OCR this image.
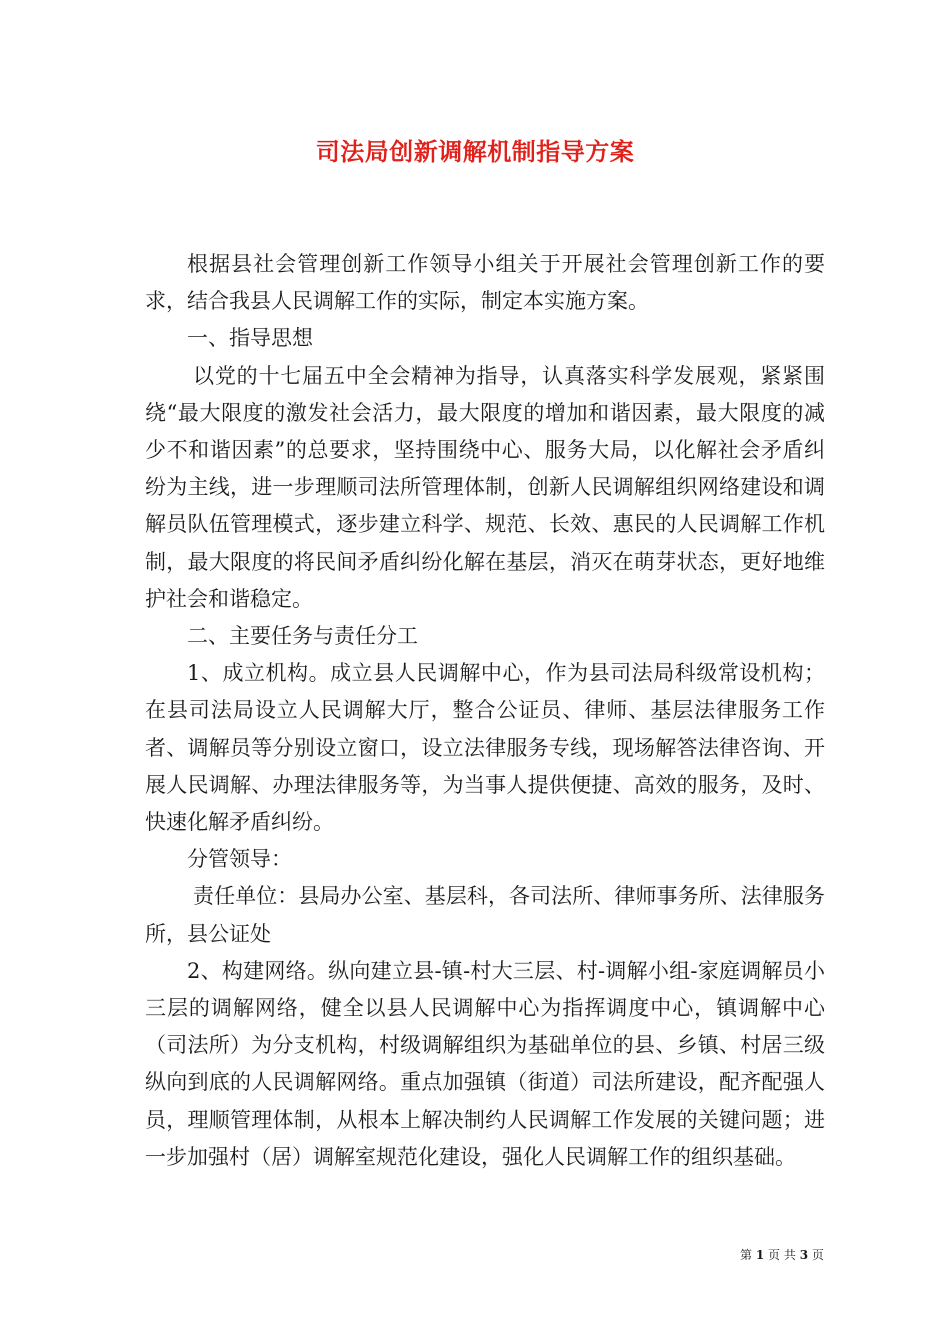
司法局创新调解机制指导方案

根据县社会管理创新工作领导小组关于开展社会管理创新工作的要求，结合我县人民调解工作的实际，制定本实施方案。

一、指导思想

以党的十七届五中全会精神为指导，认真落实科学发展观，紧紧围绕“最大限度的激发社会活力，最大限度的增加和谐因素，最大限度的减少不和谐因素”的总要求，坚持围绕中心、服务大局，以化解社会矛盾纠纷为主线，进一步理顺司法所管理体制，创新人民调解组织网络建设和调解员队伍管理模式，逐步建立科学、规范、长效、惠民的人民调解工作机制，最大限度的将民间矛盾纠纷化解在基层，消灭在萌芽状态，更好地维护社会和谐稳定。

二、主要任务与责任分工

1、成立机构。成立县人民调解中心，作为县司法局科级常设机构；在县司法局设立人民调解大厅，整合公证员、律师、基层法律服务工作者、调解员等分别设立窗口，设立法律服务专线，现场解答法律咨询、开展人民调解、办理法律服务等，为当事人提供便捷、高效的服务，及时、快速化解矛盾纠纷。

分管领导：

责任单位：县局办公室、基层科，各司法所、律师事务所、法律服务所，县公证处

2、构建网络。纵向建立县-镇-村大三层、村-调解小组-家庭调解员小三层的调解网络，健全以县人民调解中心为指挥调度中心，镇调解中心（司法所）为分支机构，村级调解组织为基础单位的县、乡镇、村居三级纵向到底的人民调解网络。重点加强镇（街道）司法所建设，配齐配强人员，理顺管理体制，从根本上解决制约人民调解工作发展的关键问题；进一步加强村（居）调解室规范化建设，强化人民调解工作的组织基础。

第 1 页 共 3 页
